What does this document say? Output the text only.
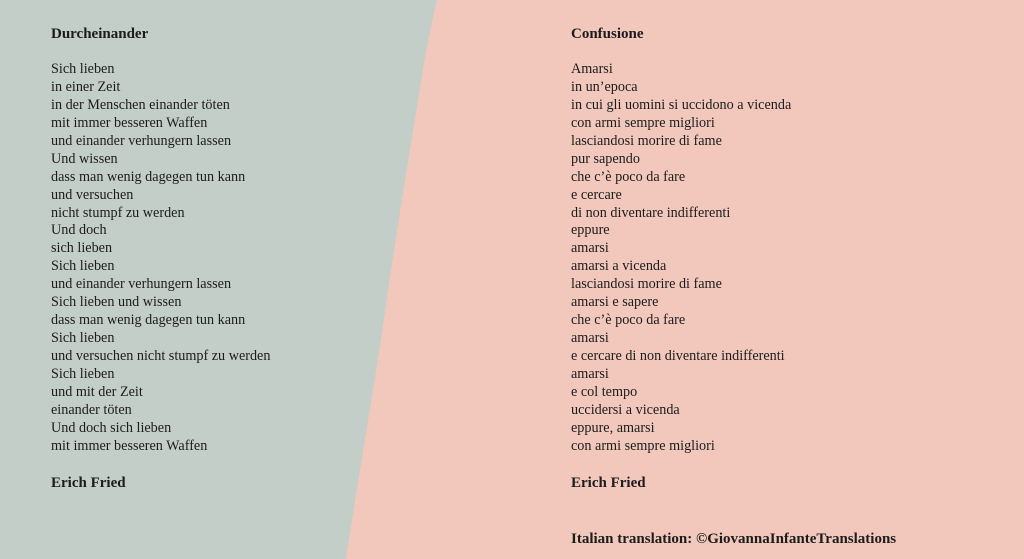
Durcheinander
Sich lieben
in einer Zeit
in der Menschen einander töten
mit immer besseren Waffen
und einander verhungern lassen
Und wissen
dass man wenig dagegen tun kann
und versuchen
nicht stumpf zu werden
Und doch
sich lieben
Sich lieben
und einander verhungern lassen
Sich lieben und wissen
dass man wenig dagegen tun kann
Sich lieben
und versuchen nicht stumpf zu werden
Sich lieben
und mit der Zeit
einander töten
Und doch sich lieben
mit immer besseren Waffen
Erich Fried
Confusione
Amarsi
in un’epoca
in cui gli uomini si uccidono a vicenda
con armi sempre migliori
lasciandosi morire di fame
pur sapendo
che c’è poco da fare
e cercare
di non diventare indifferenti
eppure
amarsi
amarsi a vicenda
lasciandosi morire di fame
amarsi e sapere
che c’è poco da fare
amarsi
e cercare di non diventare indifferenti
amarsi
e col tempo
uccidersi a vicenda
eppure, amarsi
con armi sempre migliori
Erich Fried
Italian translation: ©GiovannaInfanteTranslations
